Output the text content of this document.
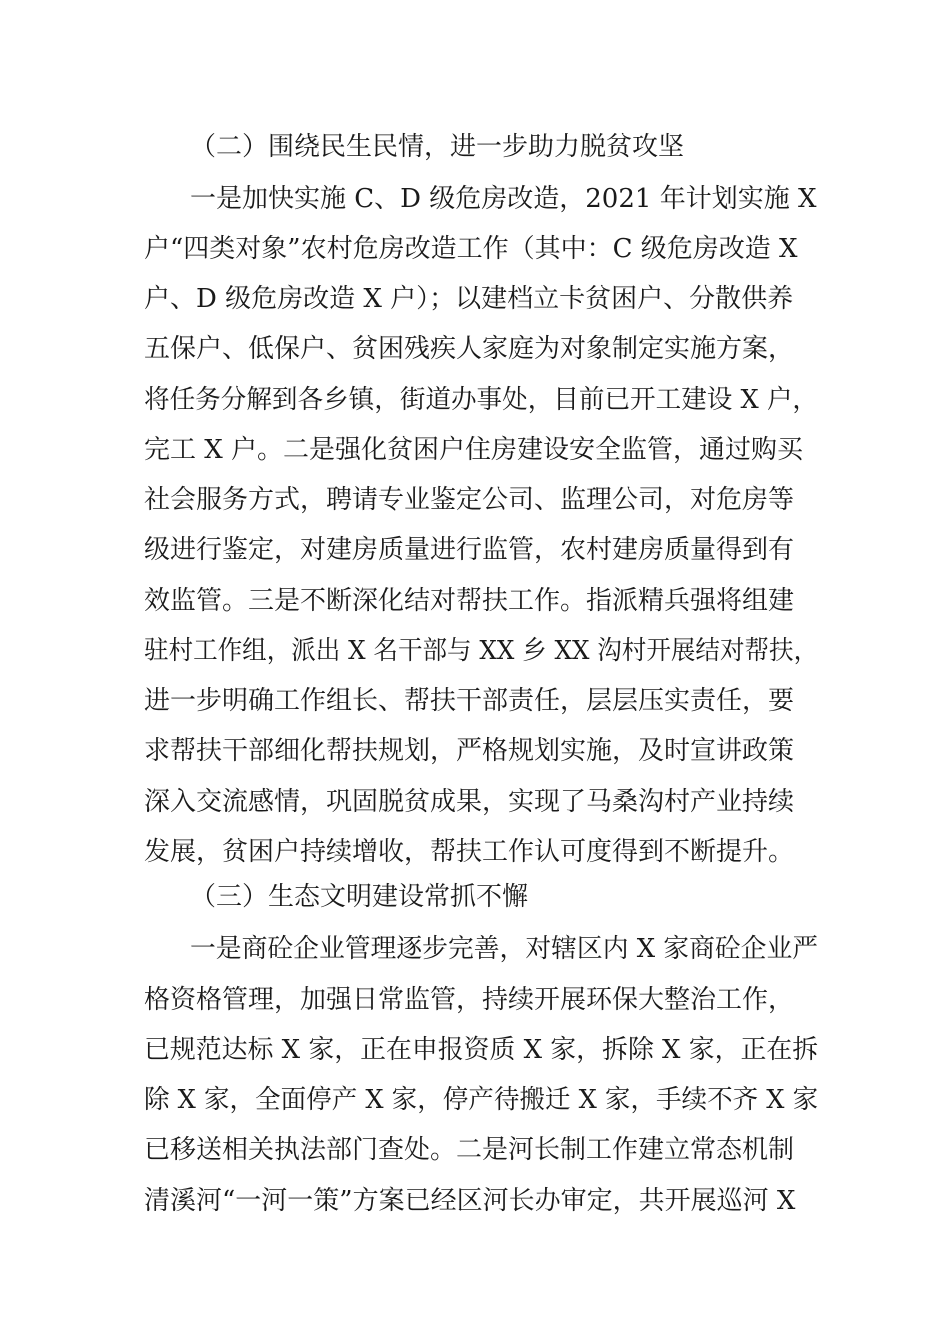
（二）围绕民生民情，进一步助力脱贫攻坚
一是加快实施 C、D 级危房改造，2021 年计划实施 X
户“四类对象”农村危房改造工作（其中：C 级危房改造 X
户、D 级危房改造 X 户）；以建档立卡贫困户、分散供养
五保户、低保户、贫困残疾人家庭为对象制定实施方案，
将任务分解到各乡镇，街道办事处，目前已开工建设 X 户，
完工 X 户。二是强化贫困户住房建设安全监管，通过购买
社会服务方式，聘请专业鉴定公司、监理公司，对危房等
级进行鉴定，对建房质量进行监管，农村建房质量得到有
效监管。三是不断深化结对帮扶工作。指派精兵强将组建
驻村工作组，派出 X 名干部与 XX 乡 XX 沟村开展结对帮扶，
进一步明确工作组长、帮扶干部责任，层层压实责任，要
求帮扶干部细化帮扶规划，严格规划实施，及时宣讲政策
深入交流感情，巩固脱贫成果，实现了马桑沟村产业持续
发展，贫困户持续增收，帮扶工作认可度得到不断提升。
（三）生态文明建设常抓不懈
一是商砼企业管理逐步完善，对辖区内 X 家商砼企业严
格资格管理，加强日常监管，持续开展环保大整治工作，
已规范达标 X 家，正在申报资质 X 家，拆除 X 家，正在拆
除 X 家，全面停产 X 家，停产待搬迁 X 家，手续不齐 X 家
已移送相关执法部门查处。二是河长制工作建立常态机制
清溪河“一河一策”方案已经区河长办审定，共开展巡河 X
